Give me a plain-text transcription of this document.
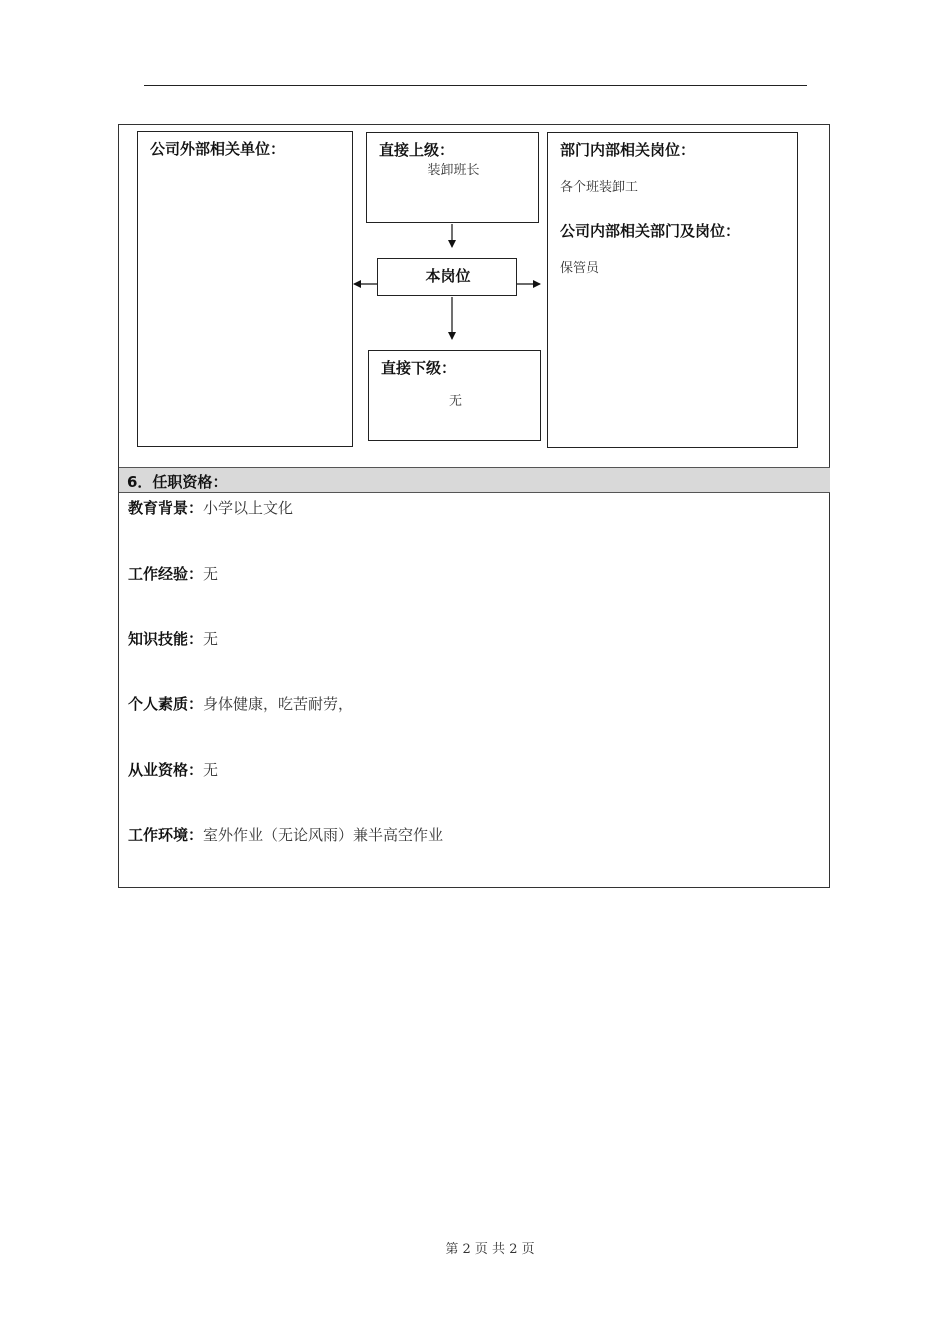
公司外部相关单位：	直接上级：
装卸班长
本岗位
直接下级：
无
部门内部相关岗位：
各个班装卸工
公司内部相关部门及岗位：
保管员
6．任职资格：
教育背景：小学以上文化
工作经验：无
知识技能：无
个人素质：身体健康，吃苦耐劳，
从业资格：无
工作环境：室外作业（无论风雨）兼半高空作业
第 2 页 共 2 页
